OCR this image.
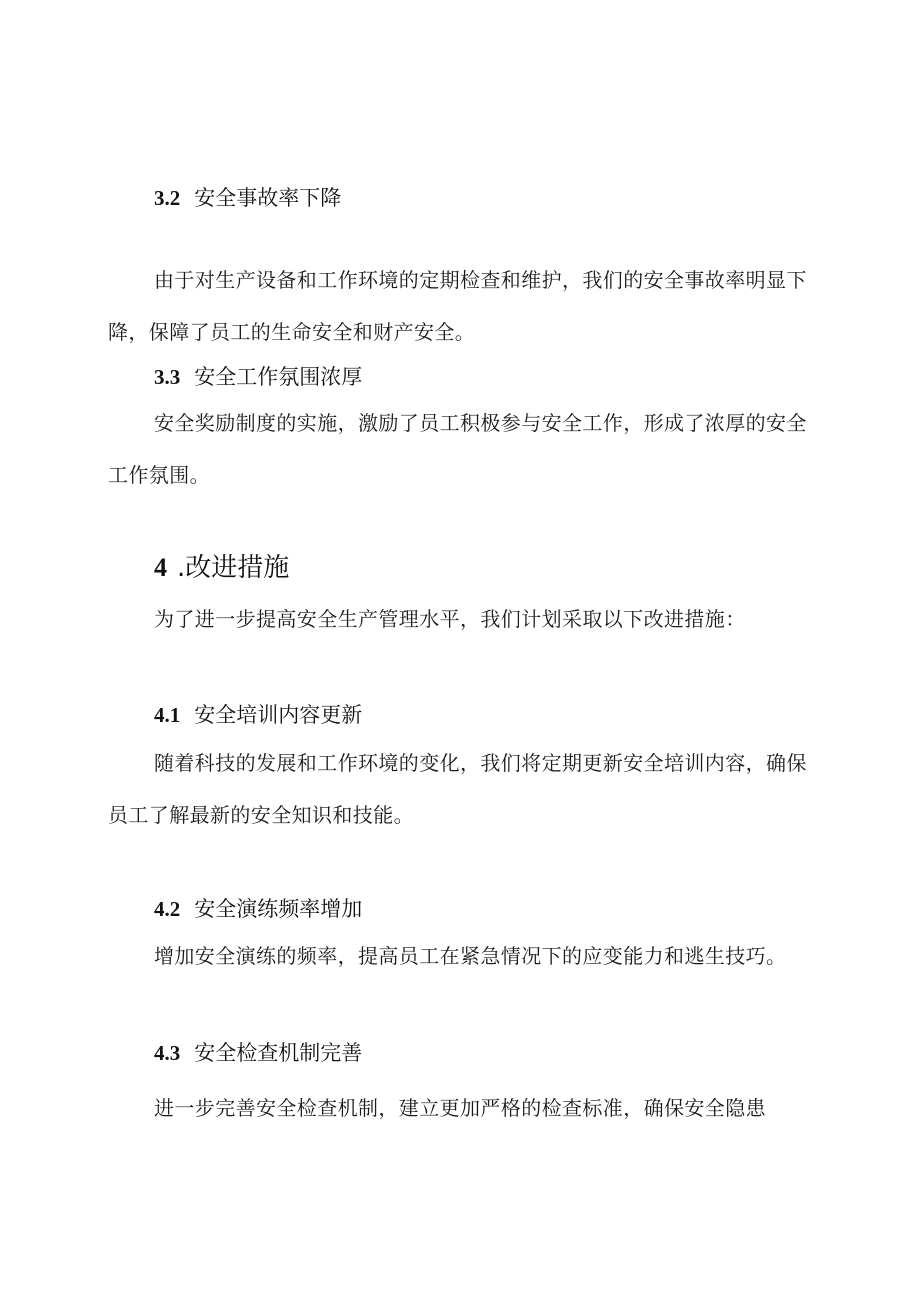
3.2 安全事故率下降

由于对生产设备和工作环境的定期检查和维护，我们的安全事故率明显下降，保障了员工的生命安全和财产安全。

3.3 安全工作氛围浓厚

安全奖励制度的实施，激励了员工积极参与安全工作，形成了浓厚的安全工作氛围。

4 .改进措施

为了进一步提高安全生产管理水平，我们计划采取以下改进措施：

4.1 安全培训内容更新

随着科技的发展和工作环境的变化，我们将定期更新安全培训内容，确保员工了解最新的安全知识和技能。

4.2 安全演练频率增加

增加安全演练的频率，提高员工在紧急情况下的应变能力和逃生技巧。

4.3 安全检查机制完善

进一步完善安全检查机制，建立更加严格的检查标准，确保安全隐患
